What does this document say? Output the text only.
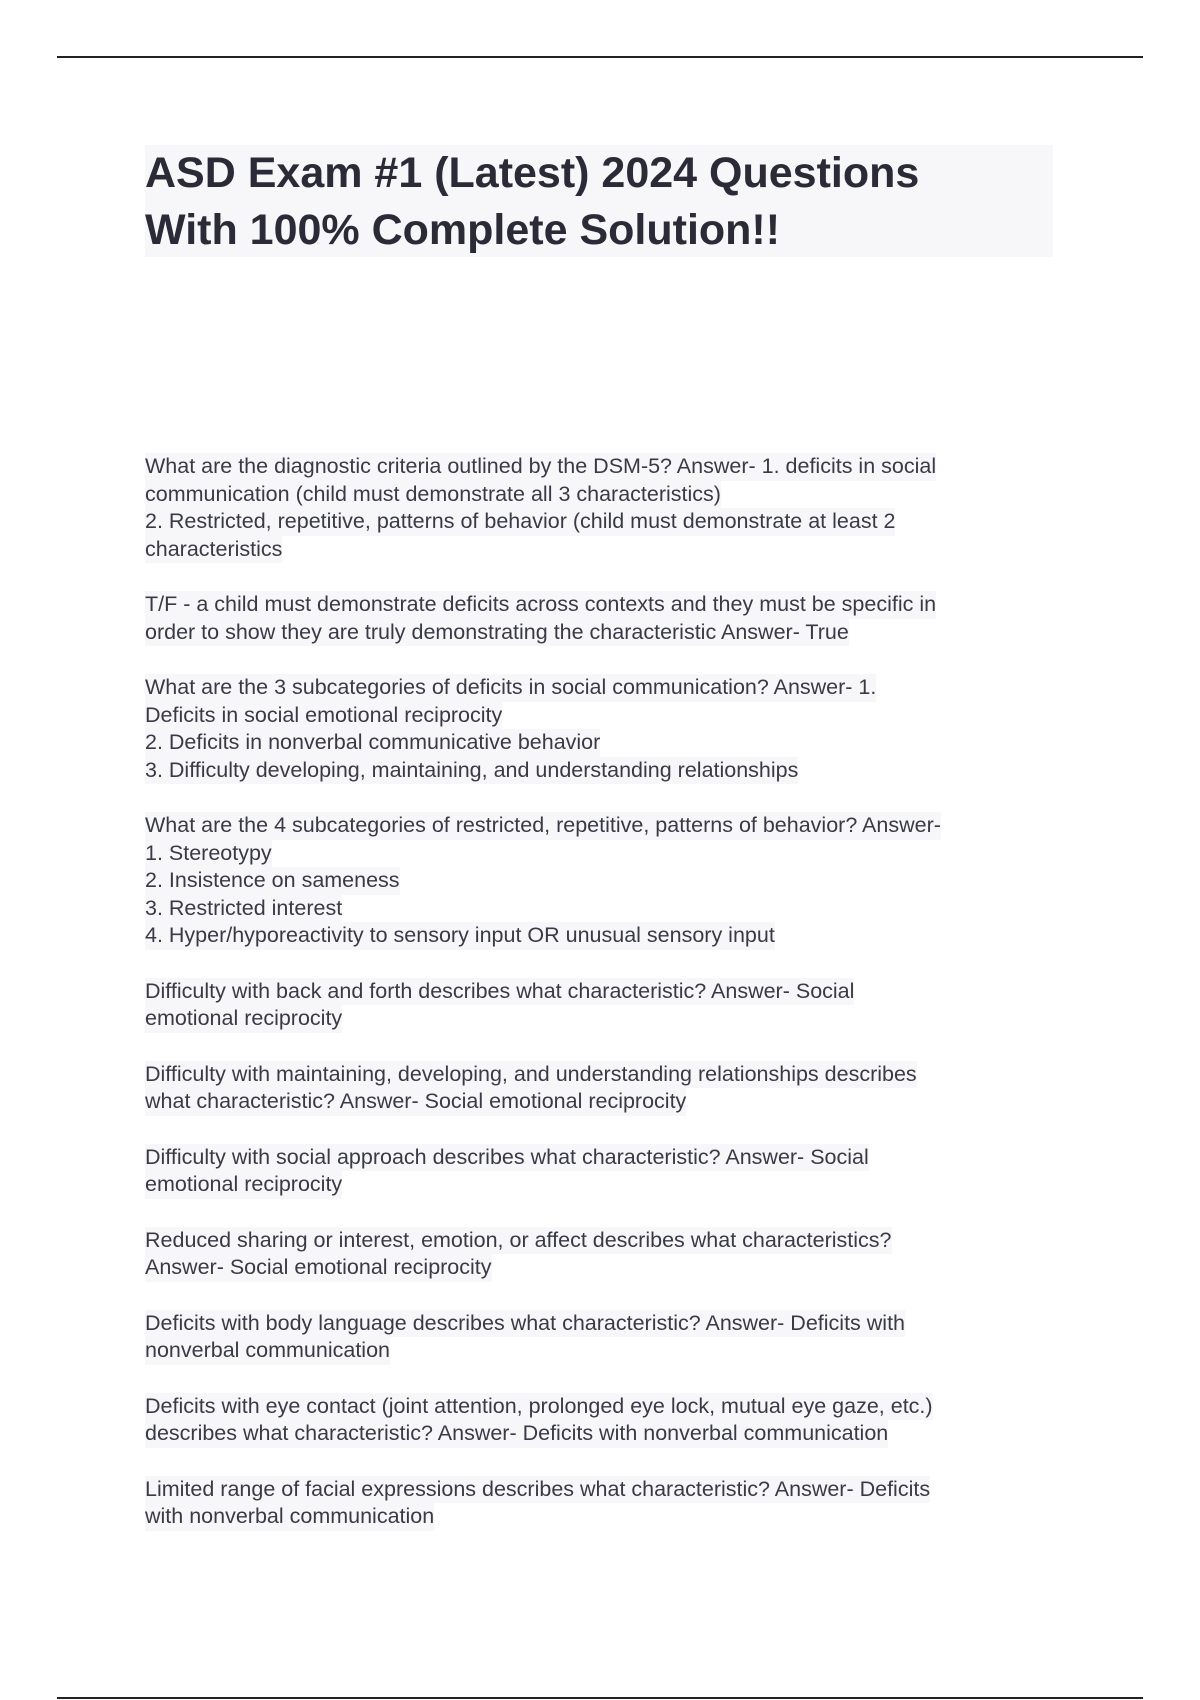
ASD Exam #1 (Latest) 2024 Questions
With 100% Complete Solution!!
What are the diagnostic criteria outlined by the DSM-5? Answer- 1. deficits in social
communication (child must demonstrate all 3 characteristics)
2. Restricted, repetitive, patterns of behavior (child must demonstrate at least 2
characteristics
T/F - a child must demonstrate deficits across contexts and they must be specific in
order to show they are truly demonstrating the characteristic Answer- True
What are the 3 subcategories of deficits in social communication? Answer- 1.
Deficits in social emotional reciprocity
2. Deficits in nonverbal communicative behavior
3. Difficulty developing, maintaining, and understanding relationships
What are the 4 subcategories of restricted, repetitive, patterns of behavior? Answer-
1. Stereotypy
2. Insistence on sameness
3. Restricted interest
4. Hyper/hyporeactivity to sensory input OR unusual sensory input
Difficulty with back and forth describes what characteristic? Answer- Social
emotional reciprocity
Difficulty with maintaining, developing, and understanding relationships describes
what characteristic? Answer- Social emotional reciprocity
Difficulty with social approach describes what characteristic? Answer- Social
emotional reciprocity
Reduced sharing or interest, emotion, or affect describes what characteristics?
Answer- Social emotional reciprocity
Deficits with body language describes what characteristic? Answer- Deficits with
nonverbal communication
Deficits with eye contact (joint attention, prolonged eye lock, mutual eye gaze, etc.)
describes what characteristic? Answer- Deficits with nonverbal communication
Limited range of facial expressions describes what characteristic? Answer- Deficits
with nonverbal communication
